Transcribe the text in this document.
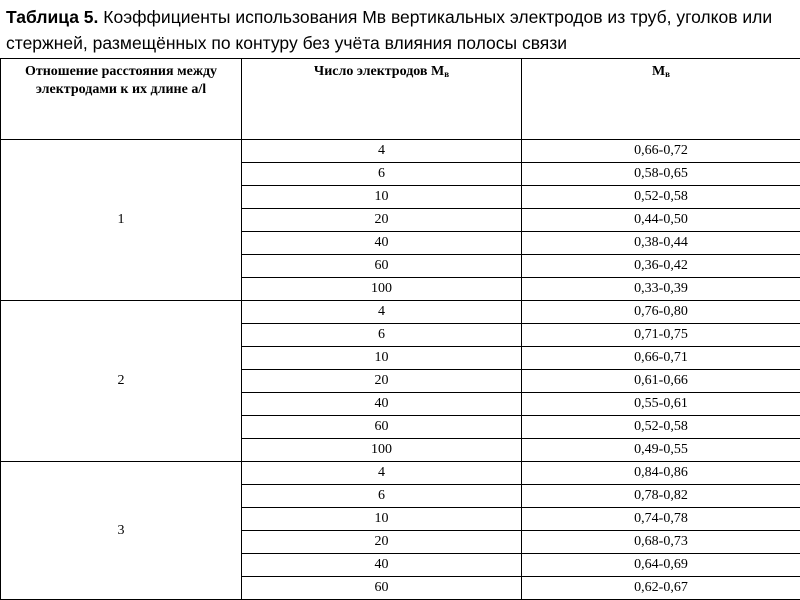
Таблица 5. Коэффициенты использования Мв вертикальных электродов из труб, уголков или стержней, размещённых по контуру без учёта влияния полосы связи
Отношение расстояния между электродами к их длине a/l	Число электродов $М_в$	$М_в$
1	4	0,66-0,72
	6	0,58-0,65
	10	0,52-0,58
	20	0,44-0,50
	40	0,38-0,44
	60	0,36-0,42
	100	0,33-0,39
2	4	0,76-0,80
	6	0,71-0,75
	10	0,66-0,71
	20	0,61-0,66
	40	0,55-0,61
	60	0,52-0,58
	100	0,49-0,55
3	4	0,84-0,86
	6	0,78-0,82
	10	0,74-0,78
	20	0,68-0,73
	40	0,64-0,69
	60	0,62-0,67
